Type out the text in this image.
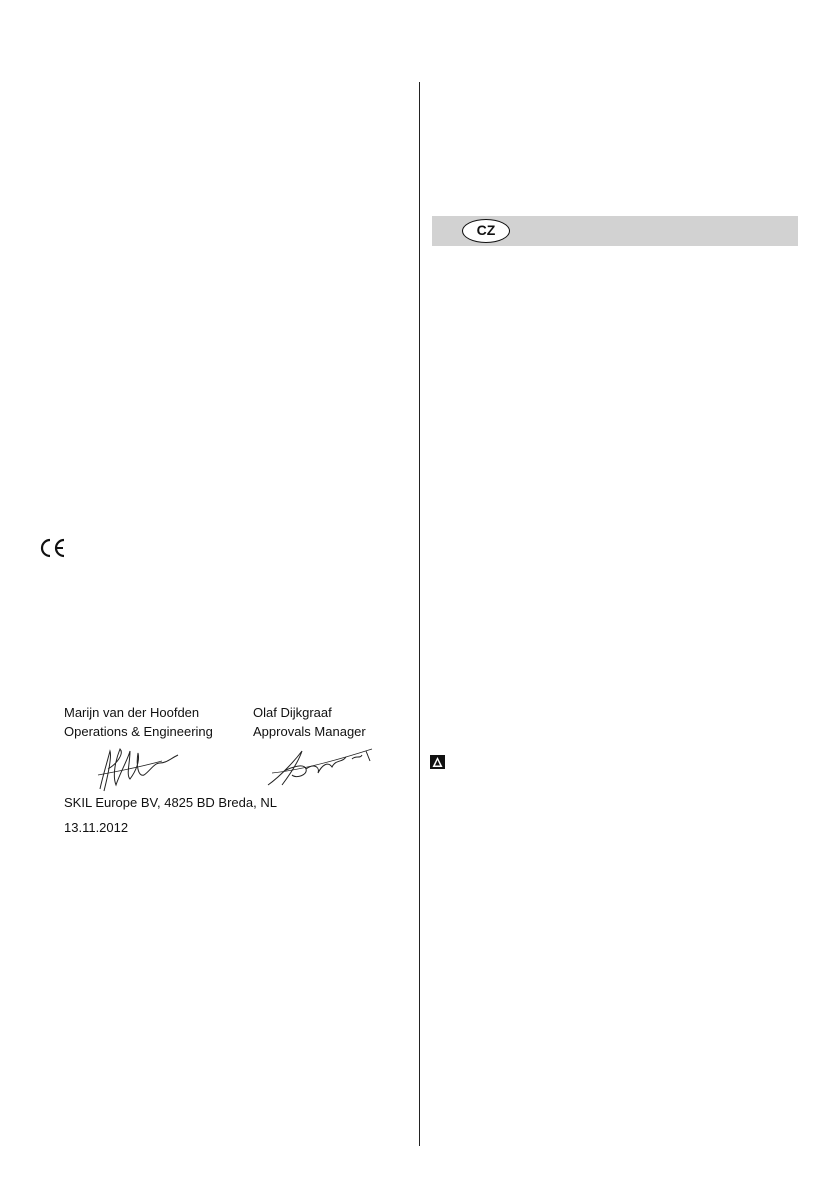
Marijn van der Hoofden
Operations & Engineering
Olaf Dijkgraaf
Approvals Manager
SKIL Europe BV, 4825 BD Breda, NL
13.11.2012
CZ
